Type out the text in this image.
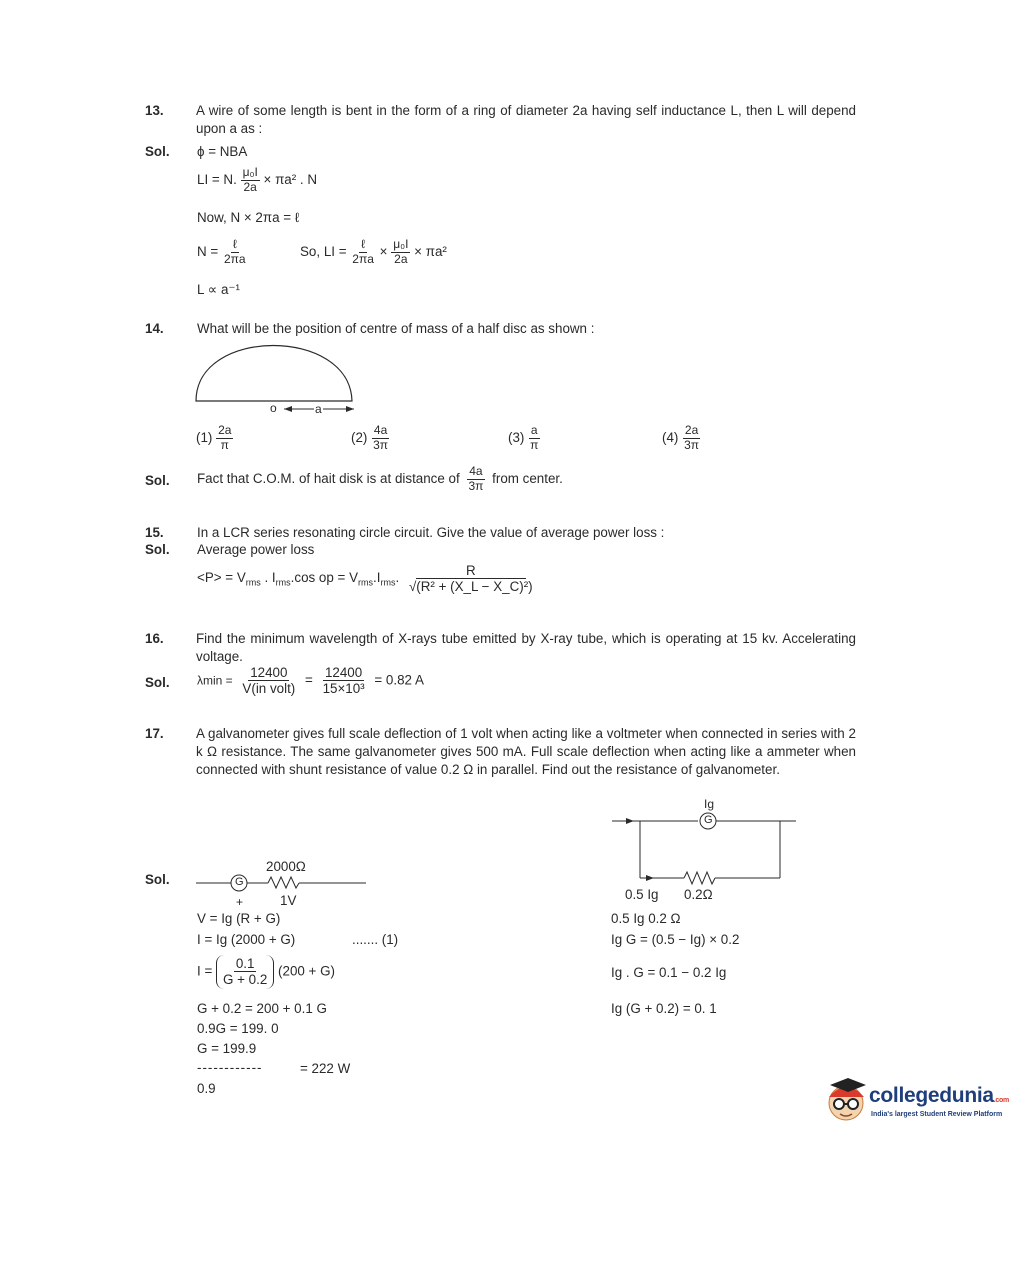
13. A wire of some length is bent in the form of a ring of diameter 2a having self inductance L, then L will depend upon a as :
Sol. ϕ = NBA
LI = N. $\frac{\text{μ₀I}}{2a} \times \pi a^2$ . N
Now, N × 2πa = ℓ
$N = \frac{\text{ℓ}}{2\pi a}$	So, LI = $\frac{\text{ℓ}}{2\pi a} \times \frac{\text{μ₀I}}{2a} \times \pi a^2$
L ∝ a⁻¹
14. What will be the position of centre of mass of a half disc as shown :
o	a
$(1) \frac{2a}{\pi}$	$(2) \frac{4a}{3\pi}$	$(3) \frac{a}{\pi}$	$(4) \frac{2a}{3\pi}$
Sol. Fact that C.O.M. of hait disk is at distance of $\frac{4a}{3\pi}$ from center.
15. In a LCR series resonating circle circuit. Give the value of average power loss :
Sol. Average power loss
$<P> = V_{rms}$ . $I_{rms}.\cos$ op = $V_{rms}.I_{rms}$. $\frac{R}{\text{√(R² + (X\_L − X\_C)²)}}$
16. Find the minimum wavelength of X-rays tube emitted by X-ray tube, which is operating at 15 kv. Accelerating voltage.
Sol. $\lambda\min = \frac{12400}{\text{V(in volt)}} = \frac{12400}{\text{15×10³}} = 0.82$ A
17. A galvanometer gives full scale deflection of 1 volt when acting like a voltmeter when connected in series with 2 k Ω resistance. The same galvanometer gives 500 mA. Full scale deflection when acting like a ammeter when connected with shunt resistance of value 0.2 Ω in parallel. Find out the resistance of galvanometer.
Ig
G
0.5 Ig 0.2Ω
Sol.
2000Ω
G
+	1V
V = Ig (R + G)
I = Ig (2000 + G)	....... (1)
$I = \frac{0.1}{G + 0.2} (200 + G)$
G + 0.2 = 200 + 0.1 G
0.9G = 199. 0
G = 199.9
------------	= 222 W
0.9
0.5 Ig 0.2 Ω
Ig G = (0.5 − Ig) × 0.2
Ig . G = 0.1 − 0.2 Ig
Ig (G + 0.2) = 0. 1
collegedunia.com
India's largest Student Review Platform
